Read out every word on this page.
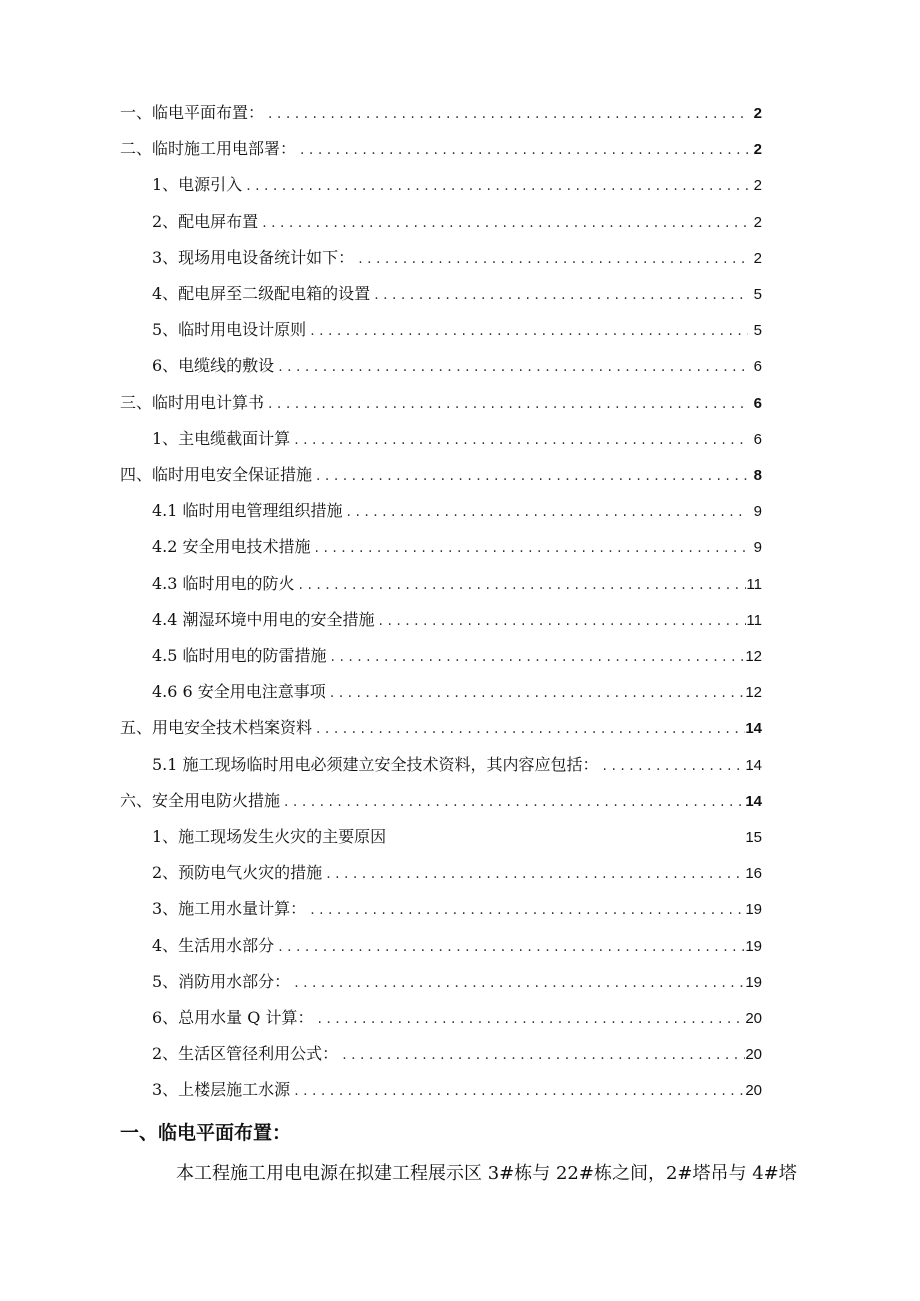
一、临电平面布置： . . .	2
二、临时施工用电部署： . . .	2
1、电源引入 . . .	2
2、配电屏布置 . . .	2
3、现场用电设备统计如下： . . .	2
4、配电屏至二级配电箱的设置 . . .	5
5、临时用电设计原则 . . .	5
6、电缆线的敷设 . . .	6
三、临时用电计算书 . . .	6
1、主电缆截面计算 . . .	6
四、临时用电安全保证措施 . . .	8
4.1 临时用电管理组织措施 . . .	9
4.2 安全用电技术措施 . . .	9
4.3 临时用电的防火 . . .	11
4.4 潮湿环境中用电的安全措施 . . .	11
4.5 临时用电的防雷措施 . . .	12
4.6 6 安全用电注意事项 . . .	12
五、用电安全技术档案资料 . . .	14
5.1 施工现场临时用电必须建立安全技术资料，其内容应包括： . . .	14
六、安全用电防火措施 . . .	14
1、施工现场发生火灾的主要原因	15
2、预防电气火灾的措施 . . .	16
3、施工用水量计算： . . .	19
4、生活用水部分 . . .	19
5、消防用水部分： . . .	19
6、总用水量 Q 计算： . . .	20
2、生活区管径利用公式： . . .	20
3、上楼层施工水源 . . .	20
一、临电平面布置：
本工程施工用电电源在拟建工程展示区 3#栋与 22#栋之间，2#塔吊与 4#塔
